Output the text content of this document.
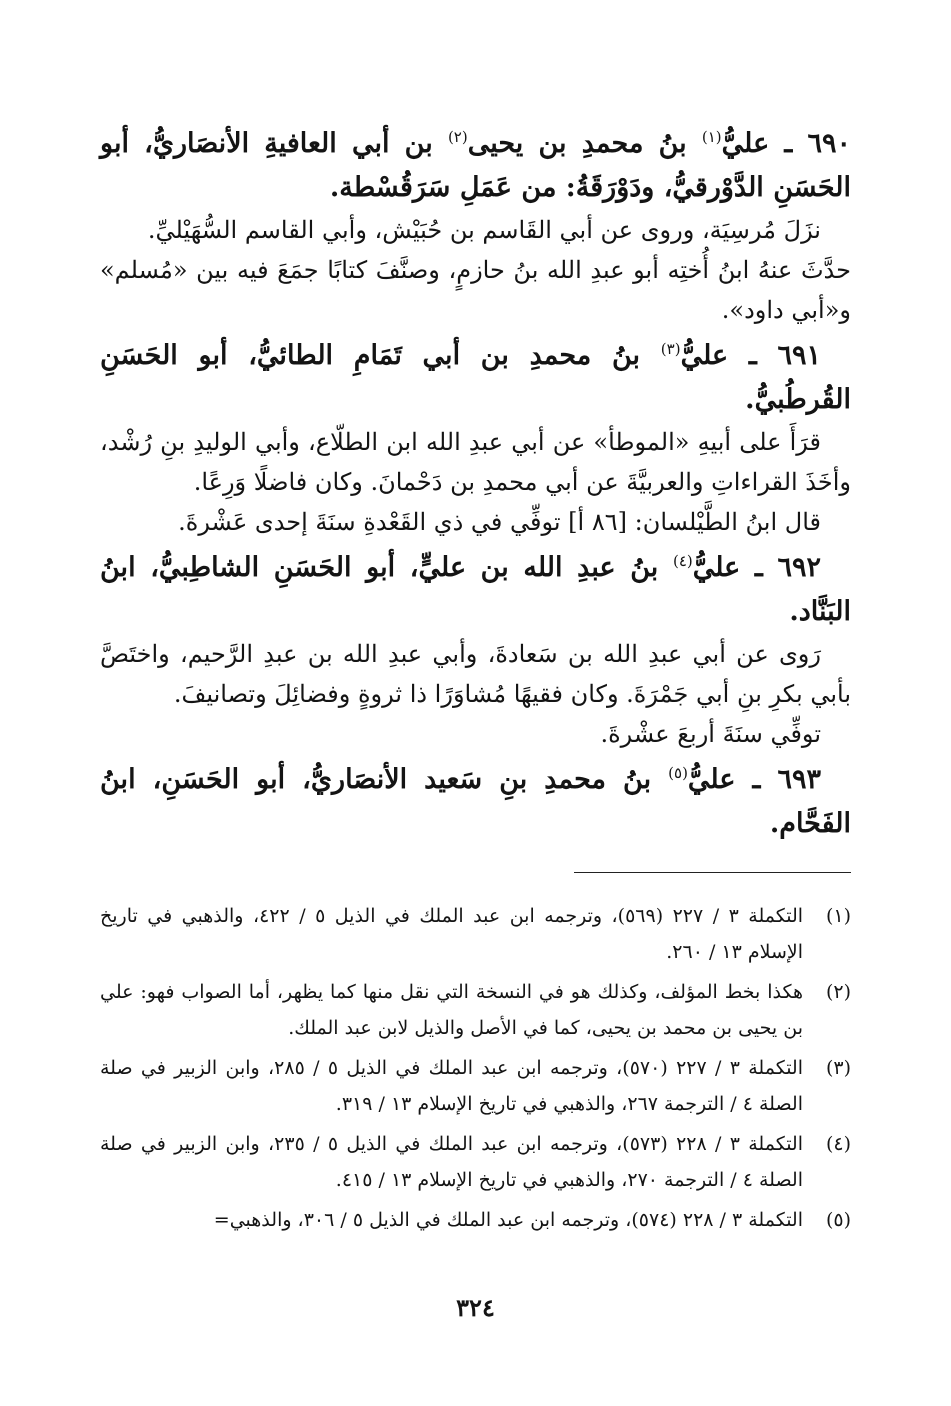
٦٩٠ ـ عليُّ$^{(١)}$ بنُ محمدِ بن يحيى$^{(٢)}$ بن أبي العافيةِ الأنصَاريُّ، أبو الحَسَنِ الدَّوْرقيُّ، ودَوْرَقَةُ: من عَمَلِ سَرَقُسْطة.

نزَلَ مُرسِيَة، وروى عن أبي القَاسم بن حُبَيْش، وأبي القاسم السُّهَيْليِّ.

حدَّثَ عنهُ ابنُ أُختِه أبو عبدِ الله بنُ حازمٍ، وصنَّفَ كتابًا جمَعَ فيه بين «مُسلم» و«أبي داود».

٦٩١ ـ عليُّ$^{(٣)}$ بنُ محمدِ بن أبي تَمَامِ الطائيُّ، أبو الحَسَنِ القُرطُبيُّ.

قرَأَ على أبيهِ «الموطأ» عن أبي عبدِ الله ابن الطلّاع، وأبي الوليدِ بنِ رُشْد، وأخَذَ القراءاتِ والعربيَّةَ عن أبي محمدِ بن دَحْمانَ. وكان فاضلًا وَرِعًا.

قال ابنُ الطَّيْلسان: [٨٦ أ] توفِّي في ذي القَعْدةِ سنَةَ إحدى عَشْرةَ.

٦٩٢ ـ عليُّ$^{(٤)}$ بنُ عبدِ الله بن عليٍّ، أبو الحَسَنِ الشاطِبيُّ، ابنُ البَنَّاد.

رَوى عن أبي عبدِ الله بن سَعادةَ، وأبي عبدِ الله بن عبدِ الرَّحيم، واختَصَّ بأبي بكرِ بنِ أبي جَمْرَةَ. وكان فقيهًا مُشاوَرًا ذا ثروةٍ وفضائِلَ وتصانيفَ.

توفِّي سنَةَ أربعَ عشْرةَ.

٦٩٣ ـ عليُّ$^{(٥)}$ بنُ محمدِ بنِ سَعيد الأنصَاريُّ، أبو الحَسَنِ، ابنُ الفَحَّام.

(١)
التكملة ٣ / ٢٢٧ (٥٦٩)، وترجمه ابن عبد الملك في الذيل ٥ / ٤٢٢، والذهبي في تاريخ الإسلام ١٣ / ٢٦٠.
(٢)
هكذا بخط المؤلف، وكذلك هو في النسخة التي نقل منها كما يظهر، أما الصواب فهو: علي بن يحيى بن محمد بن يحيى، كما في الأصل والذيل لابن عبد الملك.
(٣)
التكملة ٣ / ٢٢٧ (٥٧٠)، وترجمه ابن عبد الملك في الذيل ٥ / ٢٨٥، وابن الزبير في صلة الصلة ٤ / الترجمة ٢٦٧، والذهبي في تاريخ الإسلام ١٣ / ٣١٩.
(٤)
التكملة ٣ / ٢٢٨ (٥٧٣)، وترجمه ابن عبد الملك في الذيل ٥ / ٢٣٥، وابن الزبير في صلة الصلة ٤ / الترجمة ٢٧٠، والذهبي في تاريخ الإسلام ١٣ / ٤١٥.
(٥)
التكملة ٣ / ٢٢٨ (٥٧٤)، وترجمه ابن عبد الملك في الذيل ٥ / ٣٠٦، والذهبي=
٣٢٤
